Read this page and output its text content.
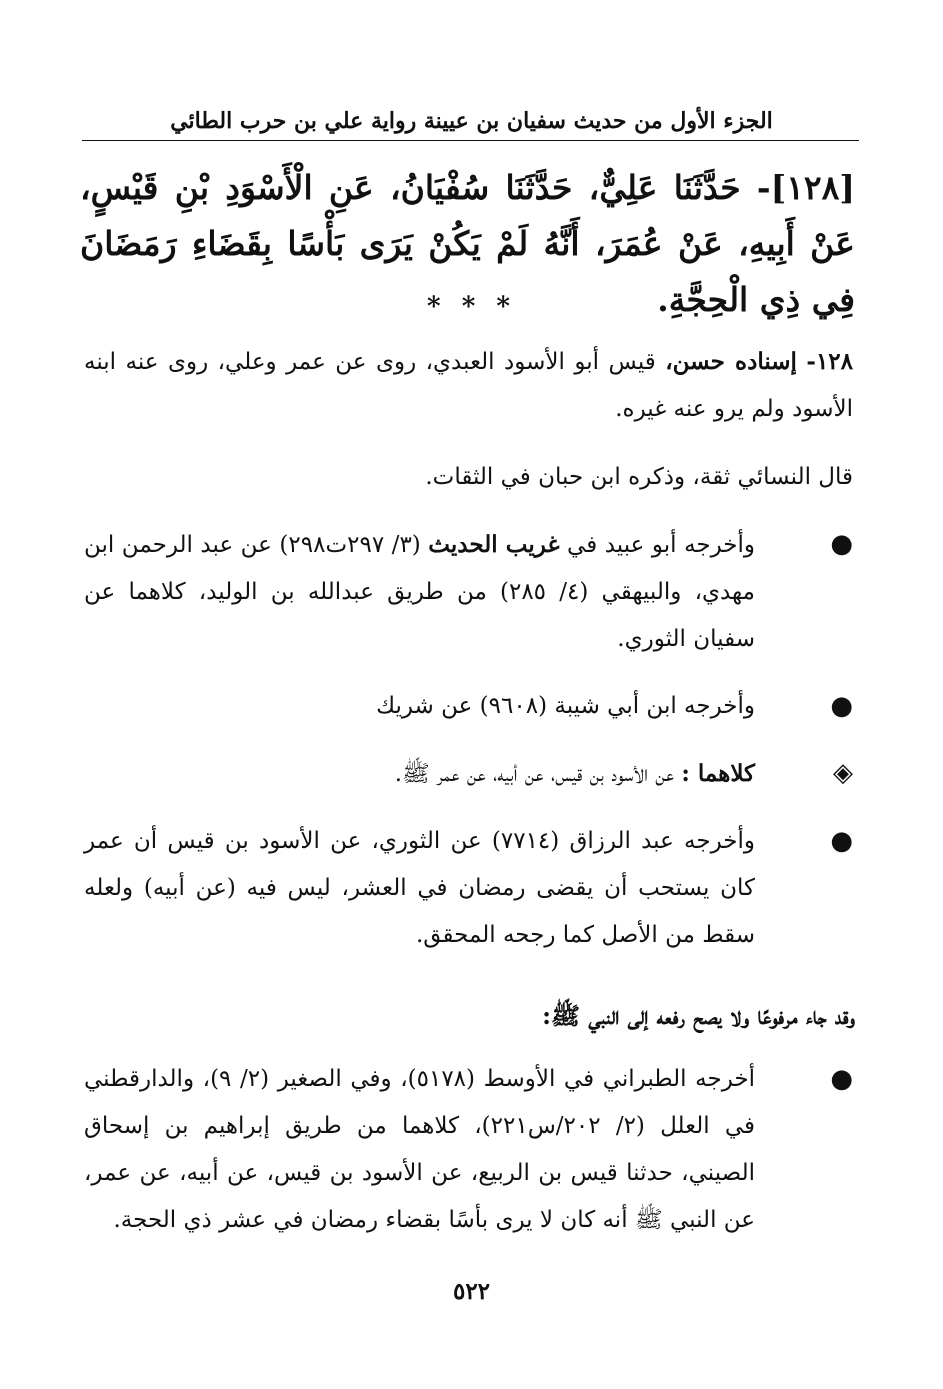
الجزء الأول من حديث سفيان بن عيينة رواية علي بن حرب الطائي
[١٢٨]- حَدَّثَنَا عَلِيٌّ، حَدَّثَنَا سُفْيَانُ، عَنِ الْأَسْوَدِ بْنِ قَيْسٍ، عَنْ أَبِيهِ، عَنْ عُمَرَ، أَنَّهُ لَمْ يَكُنْ يَرَى بَأْسًا بِقَضَاءِ رَمَضَانَ فِي ذِي الْحِجَّةِ.
* * *
١٢٨- إسناده حسن، قيس أبو الأسود العبدي، روى عن عمر وعلي، روى عنه ابنه الأسود ولم يرو عنه غيره.
قال النسائي ثقة، وذكره ابن حبان في الثقات.
●
وأخرجه أبو عبيد في غريب الحديث (٣/ ٢٩٧ت٢٩٨) عن عبد الرحمن ابن مهدي، والبيهقي (٤/ ٢٨٥) من طريق عبدالله بن الوليد، كلاهما عن سفيان الثوري.
●
وأخرجه ابن أبي شيبة (٩٦٠٨) عن شريك
◈
كلاهما : عن الأسود بن قيس، عن أبيه، عن عمر ﷺ.
●
وأخرجه عبد الرزاق (٧٧١٤) عن الثوري، عن الأسود بن قيس أن عمر كان يستحب أن يقضى رمضان في العشر، ليس فيه (عن أبيه) ولعله سقط من الأصل كما رجحه المحقق.
وقد جاء مرفوعًا ولا يصح رفعه إلى النبي ﷺ:
●
أخرجه الطبراني في الأوسط (٥١٧٨)، وفي الصغير (٢/ ٩)، والدارقطني في العلل (٢/ ٢٠٢/س٢٢١)، كلاهما من طريق إبراهيم بن إسحاق الصيني، حدثنا قيس بن الربيع، عن الأسود بن قيس، عن أبيه، عن عمر، عن النبي ﷺ أنه كان لا يرى بأسًا بقضاء رمضان في عشر ذي الحجة.
٥٢٢
